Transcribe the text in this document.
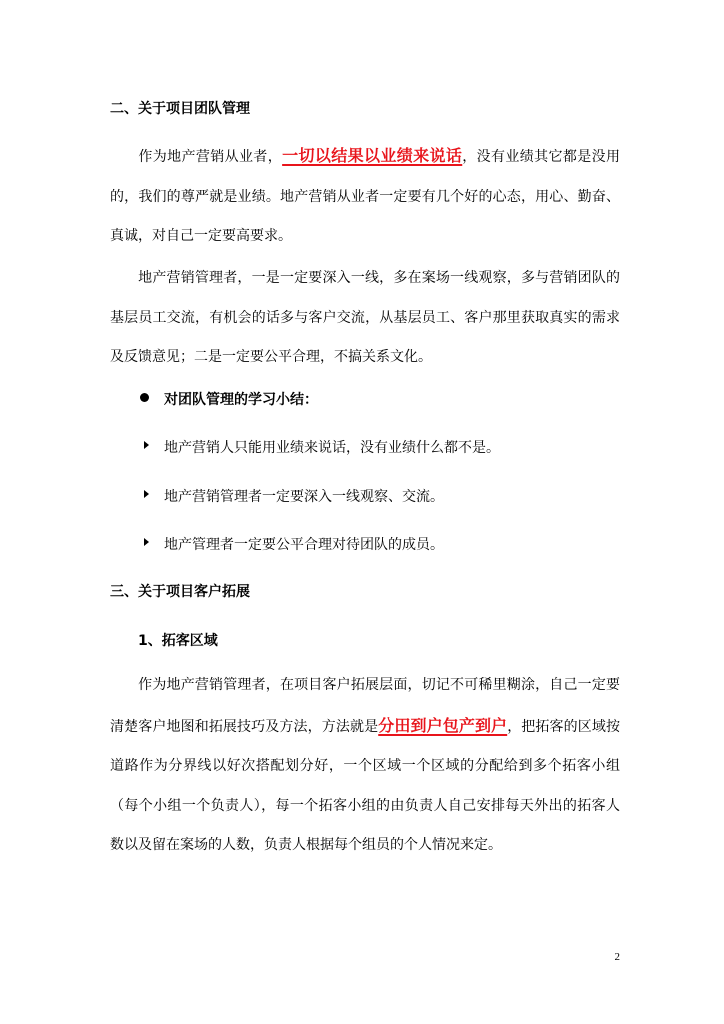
二、关于项目团队管理
作为地产营销从业者，一切以结果以业绩来说话，没有业绩其它都是没用的，我们的尊严就是业绩。地产营销从业者一定要有几个好的心态，用心、勤奋、真诚，对自己一定要高要求。
地产营销管理者，一是一定要深入一线，多在案场一线观察，多与营销团队的基层员工交流，有机会的话多与客户交流，从基层员工、客户那里获取真实的需求及反馈意见；二是一定要公平合理，不搞关系文化。
对团队管理的学习小结：
地产营销人只能用业绩来说话，没有业绩什么都不是。
地产营销管理者一定要深入一线观察、交流。
地产管理者一定要公平合理对待团队的成员。
三、关于项目客户拓展
1、拓客区域
作为地产营销管理者，在项目客户拓展层面，切记不可稀里糊涂，自己一定要清楚客户地图和拓展技巧及方法，方法就是分田到户包产到户，把拓客的区域按道路作为分界线以好次搭配划分好，一个区域一个区域的分配给到多个拓客小组（每个小组一个负责人），每一个拓客小组的由负责人自己安排每天外出的拓客人数以及留在案场的人数，负责人根据每个组员的个人情况来定。
2
